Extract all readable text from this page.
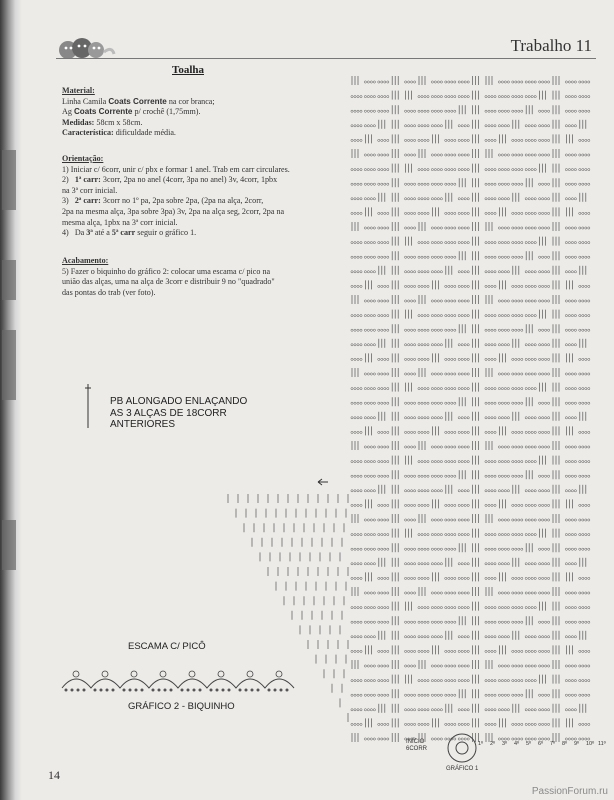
Trabalho 11
Toalha
Material:
Linha Camila Coats Corrente na cor branca;
Ag Coats Corrente p/ crochê (1,75mm).
Medidas: 58cm x 58cm.
Característica: dificuldade média.
Orientação:
1) Iniciar c/ 6corr, unir c/ pbx e formar 1 anel. Trab em carr circulares.
2) 1ª carr: 3corr, 2pa no anel (4corr, 3pa no anel) 3v, 4corr, 1pbx
na 3ª corr inicial.
3) 2ª carr: 3corr no 1º pa, 2pa sobre 2pa, (2pa na alça, 2corr,
2pa na mesma alça, 3pa sobre 3pa) 3v, 2pa na alça seg, 2corr, 2pa na
mesma alça, 1pbx na 3ª corr inicial.
4) Da 3ª até a 5ª carr seguir o gráfico 1.
Acabamento:
5) Fazer o biquinho do gráfico 2: colocar uma escama c/ pico na
união das alças, uma na alça de 3corr e distribuir 9 no "quadrado"
das pontas do trab (ver foto).
1º 2º 3º 4º 5º 6º 7º 8º 9º 10º 11º
PB ALONGADO ENLAÇANDO
AS 3 ALÇAS DE 18CORR
ANTERIORES
ESCAMA C/ PICÔ
GRÁFICO 2 - BIQUINHO
INÍCIO
6CORR
GRÁFICO 1
14
PassionForum.ru
